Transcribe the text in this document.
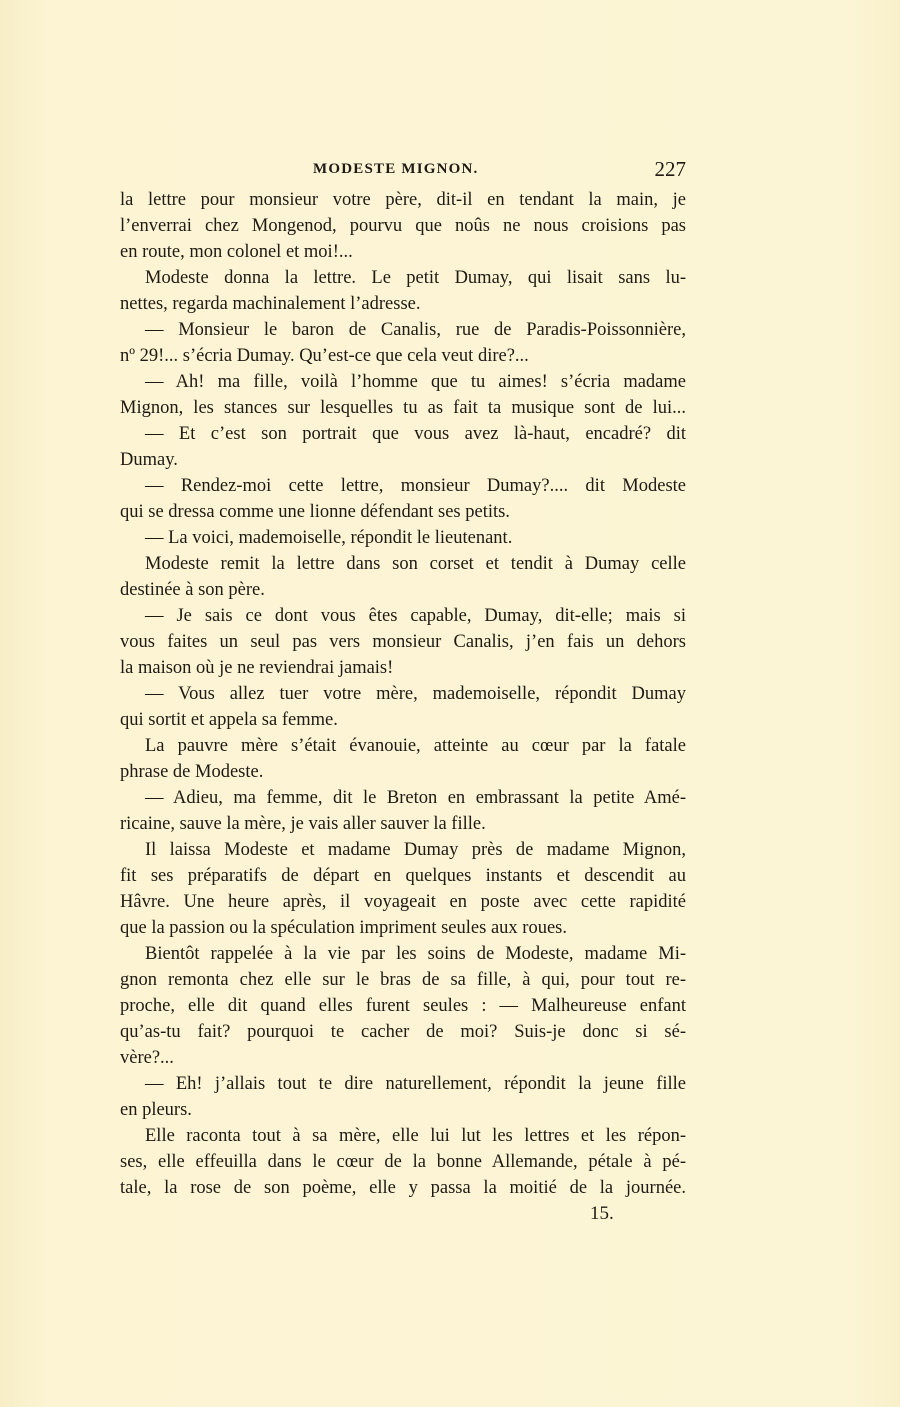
MODESTE MIGNON.	227
la lettre pour monsieur votre père, dit-il en tendant la main, je
l’enverrai chez Mongenod, pourvu que noûs ne nous croisions pas
en route, mon colonel et moi!...
Modeste donna la lettre. Le petit Dumay, qui lisait sans lu-
nettes, regarda machinalement l’adresse.
— Monsieur le baron de Canalis, rue de Paradis-Poissonnière,
nº 29!... s’écria Dumay. Qu’est-ce que cela veut dire?...
— Ah! ma fille, voilà l’homme que tu aimes! s’écria madame
Mignon, les stances sur lesquelles tu as fait ta musique sont de lui...
— Et c’est son portrait que vous avez là-haut, encadré? dit
Dumay.
— Rendez-moi cette lettre, monsieur Dumay?.... dit Modeste
qui se dressa comme une lionne défendant ses petits.
— La voici, mademoiselle, répondit le lieutenant.
Modeste remit la lettre dans son corset et tendit à Dumay celle
destinée à son père.
— Je sais ce dont vous êtes capable, Dumay, dit-elle; mais si
vous faites un seul pas vers monsieur Canalis, j’en fais un dehors
la maison où je ne reviendrai jamais!
— Vous allez tuer votre mère, mademoiselle, répondit Dumay
qui sortit et appela sa femme.
La pauvre mère s’était évanouie, atteinte au cœur par la fatale
phrase de Modeste.
— Adieu, ma femme, dit le Breton en embrassant la petite Amé-
ricaine, sauve la mère, je vais aller sauver la fille.
Il laissa Modeste et madame Dumay près de madame Mignon,
fit ses préparatifs de départ en quelques instants et descendit au
Hâvre. Une heure après, il voyageait en poste avec cette rapidité
que la passion ou la spéculation impriment seules aux roues.
Bientôt rappelée à la vie par les soins de Modeste, madame Mi-
gnon remonta chez elle sur le bras de sa fille, à qui, pour tout re-
proche, elle dit quand elles furent seules : — Malheureuse enfant
qu’as-tu fait? pourquoi te cacher de moi? Suis-je donc si sé-
vère?...
— Eh! j’allais tout te dire naturellement, répondit la jeune fille
en pleurs.
Elle raconta tout à sa mère, elle lui lut les lettres et les répon-
ses, elle effeuilla dans le cœur de la bonne Allemande, pétale à pé-
tale, la rose de son poème, elle y passa la moitié de la journée.
15.
